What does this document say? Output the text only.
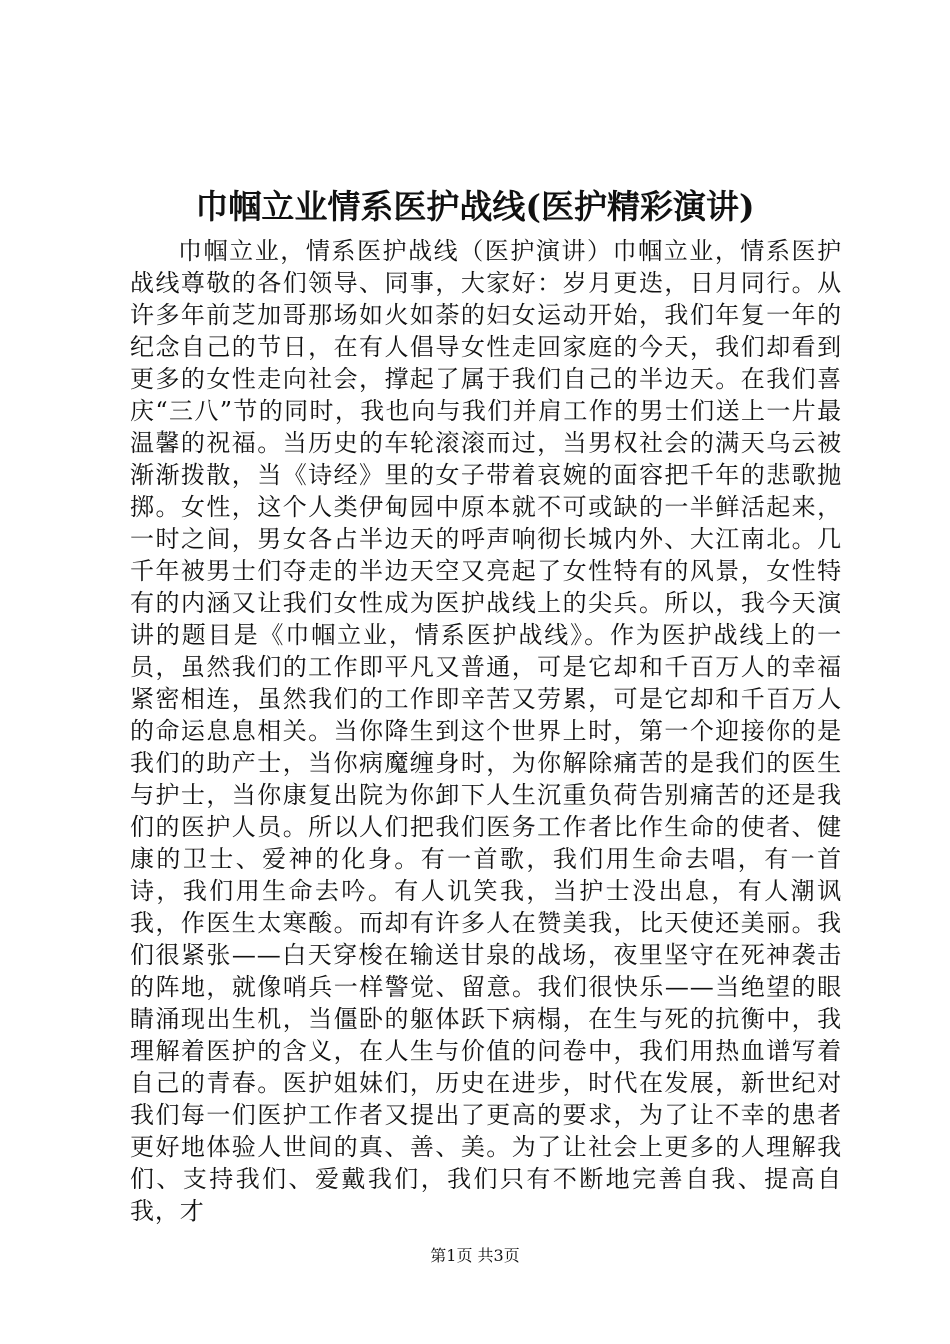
巾帼立业情系医护战线(医护精彩演讲)

巾帼立业，情系医护战线（医护演讲）巾帼立业，情系医护战线尊敬的各们领导、同事，大家好：岁月更迭，日月同行。从许多年前芝加哥那场如火如荼的妇女运动开始，我们年复一年的纪念自己的节日，在有人倡导女性走回家庭的今天，我们却看到更多的女性走向社会，撑起了属于我们自己的半边天。在我们喜庆“三八”节的同时，我也向与我们并肩工作的男士们送上一片最温馨的祝福。当历史的车轮滚滚而过，当男权社会的满天乌云被渐渐拨散，当《诗经》里的女子带着哀婉的面容把千年的悲歌抛掷。女性，这个人类伊甸园中原本就不可或缺的一半鲜活起来，一时之间，男女各占半边天的呼声响彻长城内外、大江南北。几千年被男士们夺走的半边天空又亮起了女性特有的风景，女性特有的内涵又让我们女性成为医护战线上的尖兵。所以，我今天演讲的题目是《巾帼立业，情系医护战线》。作为医护战线上的一员，虽然我们的工作即平凡又普通，可是它却和千百万人的幸福紧密相连，虽然我们的工作即辛苦又劳累，可是它却和千百万人的命运息息相关。当你降生到这个世界上时，第一个迎接你的是我们的助产士，当你病魔缠身时，为你解除痛苦的是我们的医生与护士，当你康复出院为你卸下人生沉重负荷告别痛苦的还是我们的医护人员。所以人们把我们医务工作者比作生命的使者、健康的卫士、爱神的化身。有一首歌，我们用生命去唱，有一首诗，我们用生命去吟。有人讥笑我，当护士没出息，有人潮讽我，作医生太寒酸。而却有许多人在赞美我，比天使还美丽。我们很紧张——白天穿梭在输送甘泉的战场，夜里坚守在死神袭击的阵地，就像哨兵一样警觉、留意。我们很快乐——当绝望的眼睛涌现出生机，当僵卧的躯体跃下病榻，在生与死的抗衡中，我理解着医护的含义，在人生与价值的问卷中，我们用热血谱写着自己的青春。医护姐妹们，历史在进步，时代在发展，新世纪对我们每一们医护工作者又提出了更高的要求，为了让不幸的患者更好地体验人世间的真、善、美。为了让社会上更多的人理解我们、支持我们、爱戴我们，我们只有不断地完善自我、提高自我，才

第1页 共3页
